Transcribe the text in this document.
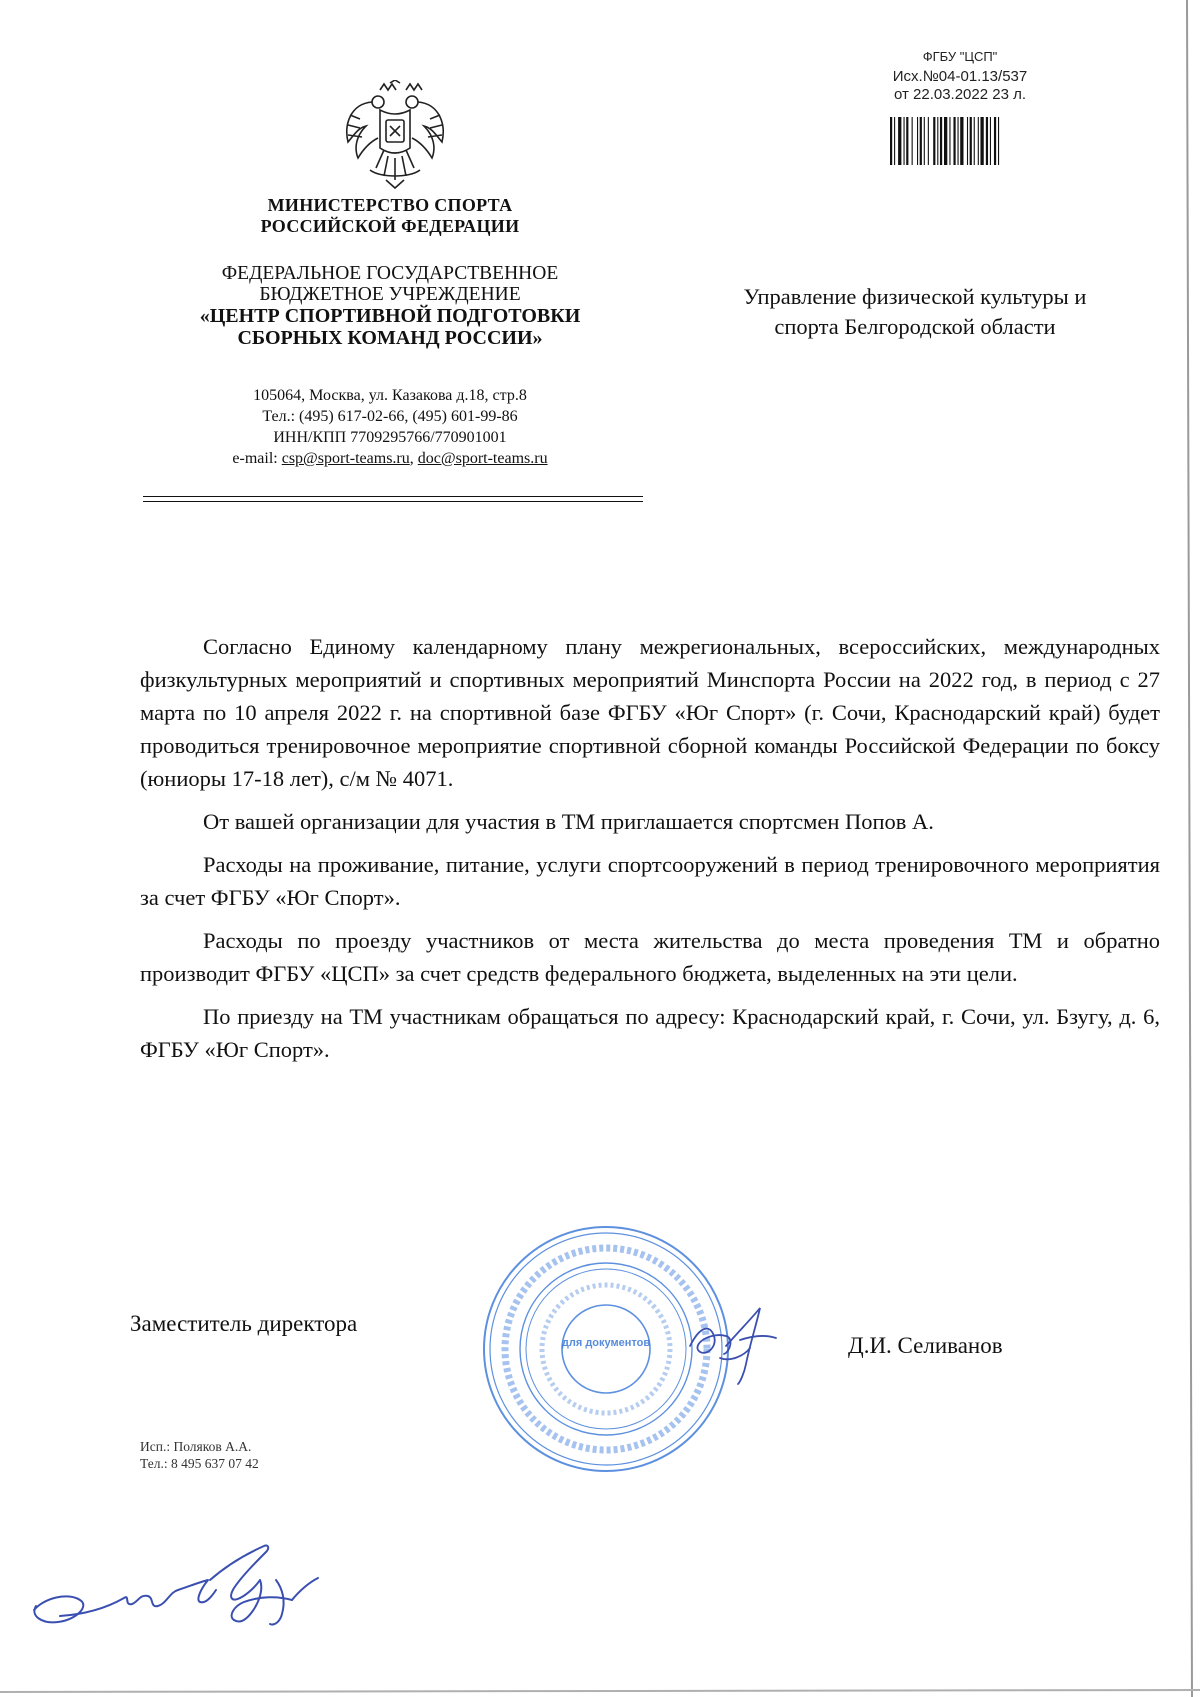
ФГБУ "ЦСП"
Исх.№04-01.13/537
от 22.03.2022 23 л.
МИНИСТЕРСТВО СПОРТА
РОССИЙСКОЙ ФЕДЕРАЦИИ
ФЕДЕРАЛЬНОЕ ГОСУДАРСТВЕННОЕ
БЮДЖЕТНОЕ УЧРЕЖДЕНИЕ
«ЦЕНТР СПОРТИВНОЙ ПОДГОТОВКИ
СБОРНЫХ КОМАНД РОССИИ»
105064, Москва, ул. Казакова д.18, стр.8
Тел.: (495) 617-02-66, (495) 601-99-86
ИНН/КПП 7709295766/770901001
e-mail: csp@sport-teams.ru, doc@sport-teams.ru
Управление физической культуры и
спорта Белгородской области

Согласно Единому календарному плану межрегиональных, всероссийских, международных физкультурных мероприятий и спортивных мероприятий Минспорта России на 2022 год, в период с 27 марта по 10 апреля 2022 г. на спортивной базе ФГБУ «Юг Спорт» (г. Сочи, Краснодарский край) будет проводиться тренировочное мероприятие спортивной сборной команды Российской Федерации по боксу (юниоры 17-18 лет), с/м № 4071.

От вашей организации для участия в ТМ приглашается спортсмен Попов А.

Расходы на проживание, питание, услуги спортсооружений в период тренировочного мероприятия за счет ФГБУ «Юг Спорт».

Расходы по проезду участников от места жительства до места проведения ТМ и обратно производит ФГБУ «ЦСП» за счет средств федерального бюджета, выделенных на эти цели.

По приезду на ТМ участникам обращаться по адресу: Краснодарский край, г. Сочи, ул. Бзугу, д. 6, ФГБУ «Юг Спорт».

для документов
Заместитель директора
Д.И. Селиванов
Исп.: Поляков А.А.
Тел.: 8 495 637 07 42
